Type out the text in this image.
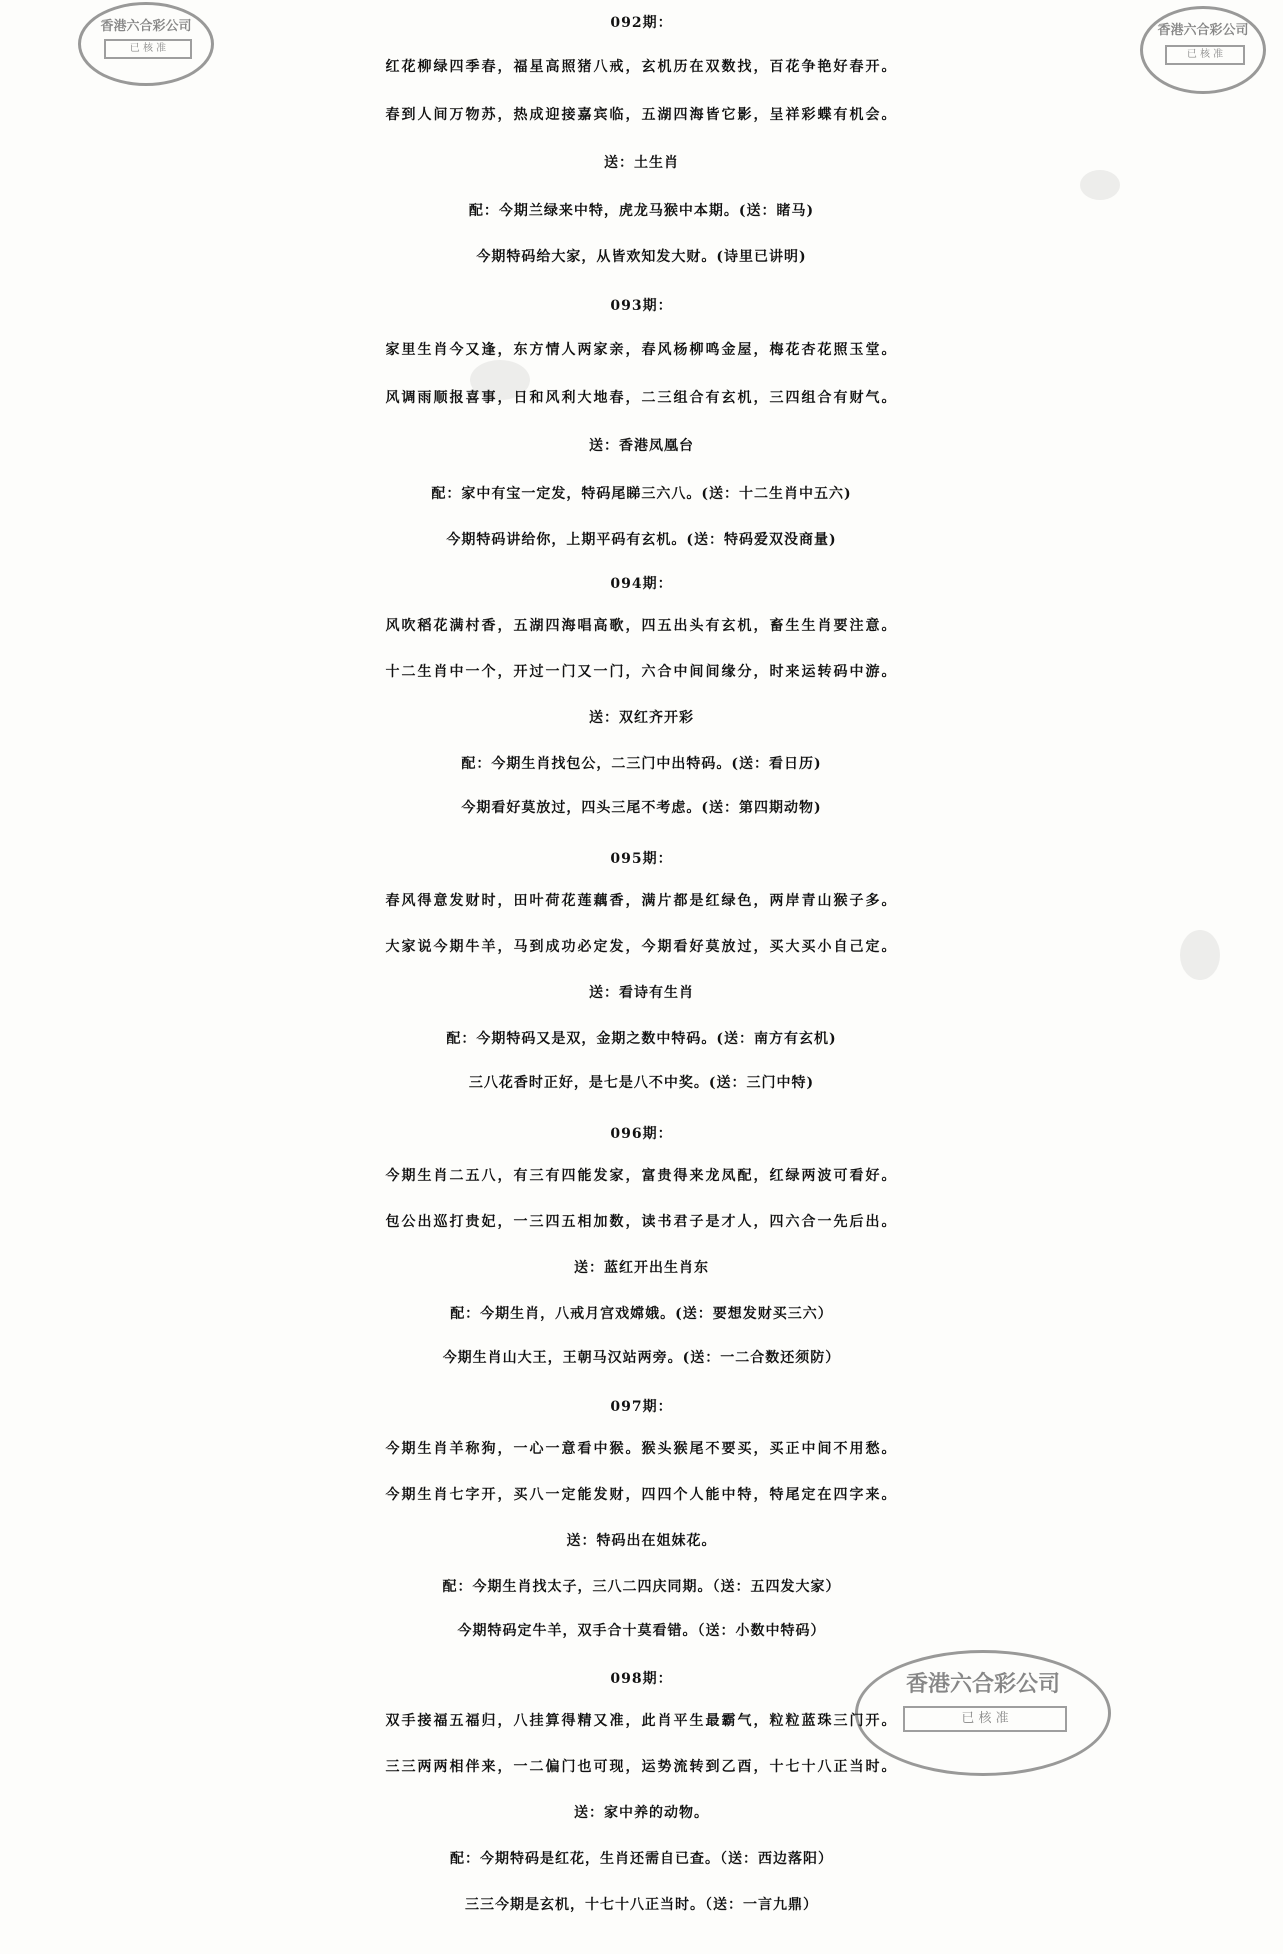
香港六合彩公司
已 核 准
香港六合彩公司
已 核 准
香港六合彩公司
已 核 准
092期：
红花柳绿四季春，福星高照猪八戒，玄机历在双数找，百花争艳好春开。
春到人间万物苏，热成迎接嘉宾临，五湖四海皆它影，呈祥彩蝶有机会。
送：土生肖
配：今期兰绿来中特，虎龙马猴中本期。(送：睹马)
今期特码给大家，从皆欢知发大财。(诗里已讲明)
093期：
家里生肖今又逢，东方情人两家亲，春风杨柳鸣金屋，梅花杏花照玉堂。
风调雨顺报喜事，日和风利大地春，二三组合有玄机，三四组合有财气。
送：香港凤凰台
配：家中有宝一定发，特码尾睇三六八。(送：十二生肖中五六)
今期特码讲给你，上期平码有玄机。(送：特码爱双没商量)
094期：
风吹稻花满村香，五湖四海唱高歌，四五出头有玄机，畜生生肖要注意。
十二生肖中一个，开过一门又一门，六合中间间缘分，时来运转码中游。
送：双红齐开彩
配：今期生肖找包公，二三门中出特码。(送：看日历)
今期看好莫放过，四头三尾不考虑。(送：第四期动物)
095期：
春风得意发财时，田叶荷花莲藕香，满片都是红绿色，两岸青山猴子多。
大家说今期牛羊，马到成功必定发，今期看好莫放过，买大买小自己定。
送：看诗有生肖
配：今期特码又是双，金期之数中特码。(送：南方有玄机)
三八花香时正好，是七是八不中奖。(送：三门中特)
096期：
今期生肖二五八，有三有四能发家，富贵得来龙凤配，红绿两波可看好。
包公出巡打贵妃，一三四五相加数，读书君子是才人，四六合一先后出。
送：蓝红开出生肖东
配：今期生肖，八戒月宫戏嫦娥。(送：要想发财买三六）
今期生肖山大王，王朝马汉站两旁。(送：一二合数还须防）
097期：
今期生肖羊称狗，一心一意看中猴。猴头猴尾不要买，买正中间不用愁。
今期生肖七字开，买八一定能发财，四四个人能中特，特尾定在四字来。
送：特码出在姐妹花。
配：今期生肖找太子，三八二四庆同期。（送：五四发大家）
今期特码定牛羊，双手合十莫看错。（送：小数中特码）
098期：
双手接福五福归，八挂算得精又准，此肖平生最霸气，粒粒蓝珠三门开。
三三两两相伴来，一二偏门也可现，运势流转到乙酉，十七十八正当时。
送：家中养的动物。
配：今期特码是红花，生肖还需自已查。（送：西边落阳）
三三今期是玄机，十七十八正当时。（送：一言九鼎）
